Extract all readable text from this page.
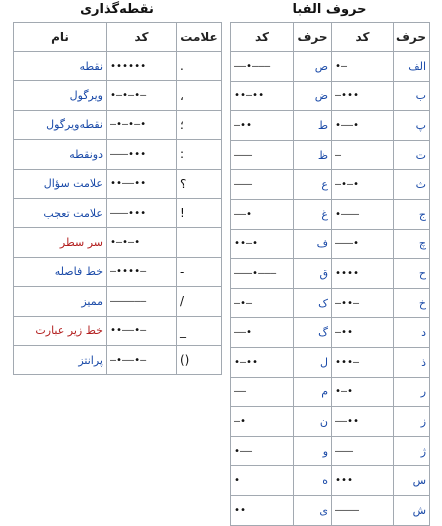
حروف الفبا
حرف	کد	حرف	کد
الف	•–	ص	––•–––
ب	–•••	ض	••–••
پ	•––•	ط	–••
ت	–	ظ	–––
ث	–•–•	ع	–––
ج	•–––	غ	––•
چ	–––•	ف	••–•
ح	••••	ق	–––•–––
خ	–••–	ک	–•–
د	–••	گ	––•
ذ	•••–	ل	•–••
ر	•–•	م	––
ز	––••	ن	–•
ژ	–––	و	•––
س	•••	ه	•
ش	––––	ی	••
نقطه‌گذاری
علامت	کد	نام
.	••••••	نقطه
،	•–•–•–	ویرگول
؛	–•–•–•	نقطه‌ویرگول
:	–––•••	دونقطه
؟	••––••	علامت سؤال
!	–––•••	علامت تعجب
	•–•–•	سر سطر
-	–••••–	خط فاصله
/	––––––	ممیز
_	••––•–	خط زیر عبارت
()	–•––•–	پرانتز
